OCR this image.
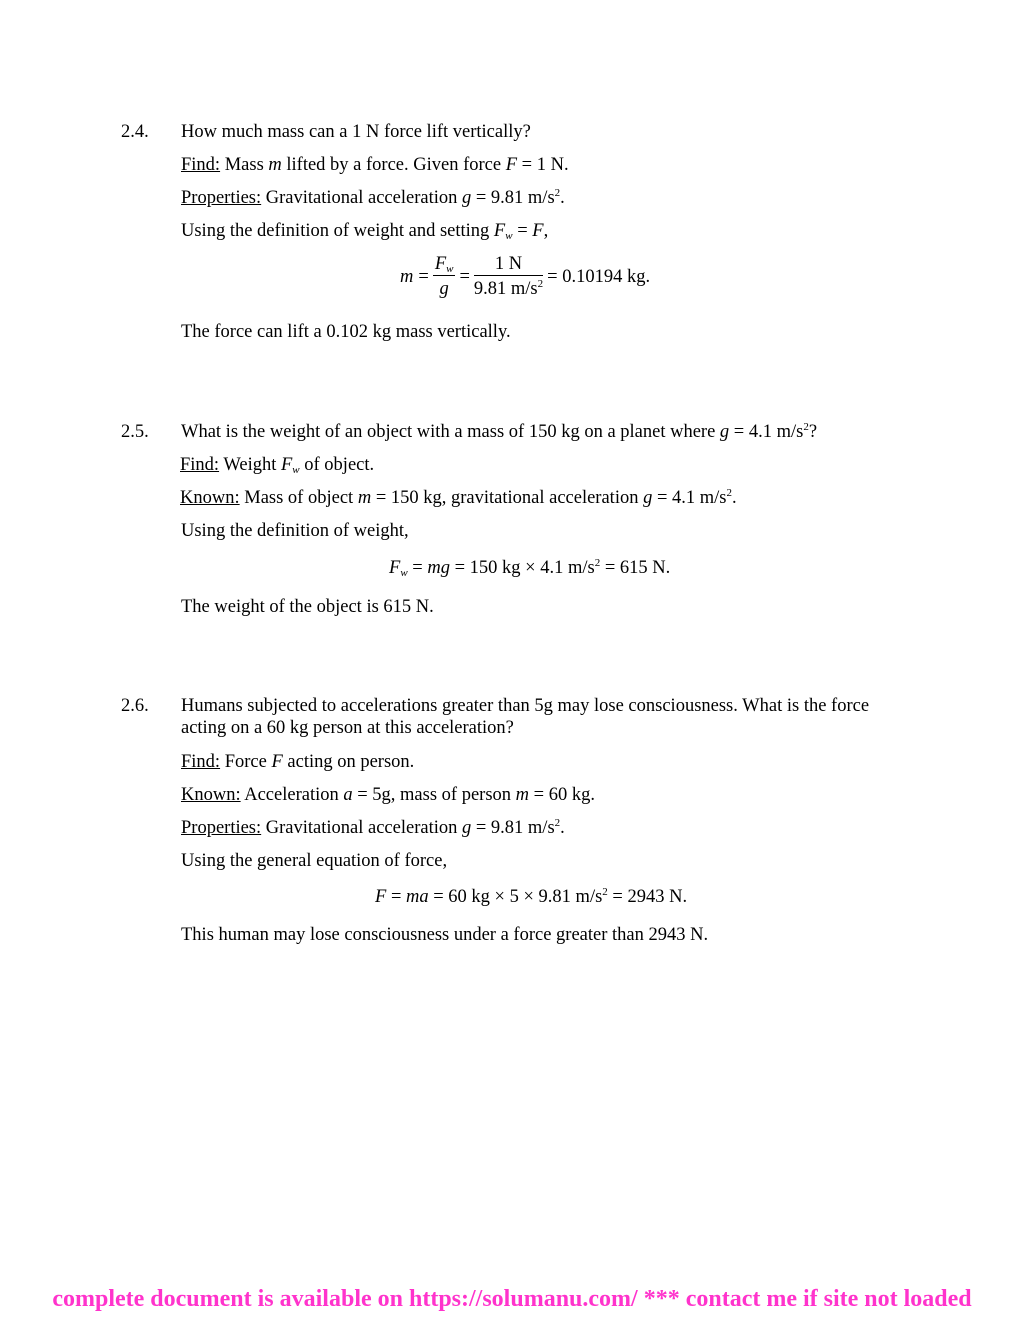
2.4. How much mass can a 1 N force lift vertically?
Find: Mass m lifted by a force. Given force F = 1 N.
Properties: Gravitational acceleration g = 9.81 $m/s^2$.
Using the definition of weight and setting $F_w = F$,
$m = \frac{F_w}{g} = \frac{1 N}{9.81 m/s^2} = 0.10194$ kg.
The force can lift a 0.102 kg mass vertically.
2.5. What is the weight of an object with a mass of 150 kg on a planet where g = 4.1 $m/s^2$?
Find: Weight $F_w$ of object.
Known: Mass of object m = 150 kg, gravitational acceleration g = 4.1 $m/s^2$.
Using the definition of weight,
$F_w$ = mg = 150 kg × 4.1 $m/s^2 = 615$ N.
The weight of the object is 615 N.
2.6. Humans subjected to accelerations greater than 5g may lose consciousness. What is the force acting on a 60 kg person at this acceleration?
Find: Force F acting on person.
Known: Acceleration a = 5g, mass of person m = 60 kg.
Properties: Gravitational acceleration g = 9.81 $m/s^2$.
Using the general equation of force,
F = ma = 60 kg × 5 × 9.81 $m/s^2 = 2943$ N.
This human may lose consciousness under a force greater than 2943 N.
complete document is available on https://solumanu.com/ *** contact me if site not loaded
